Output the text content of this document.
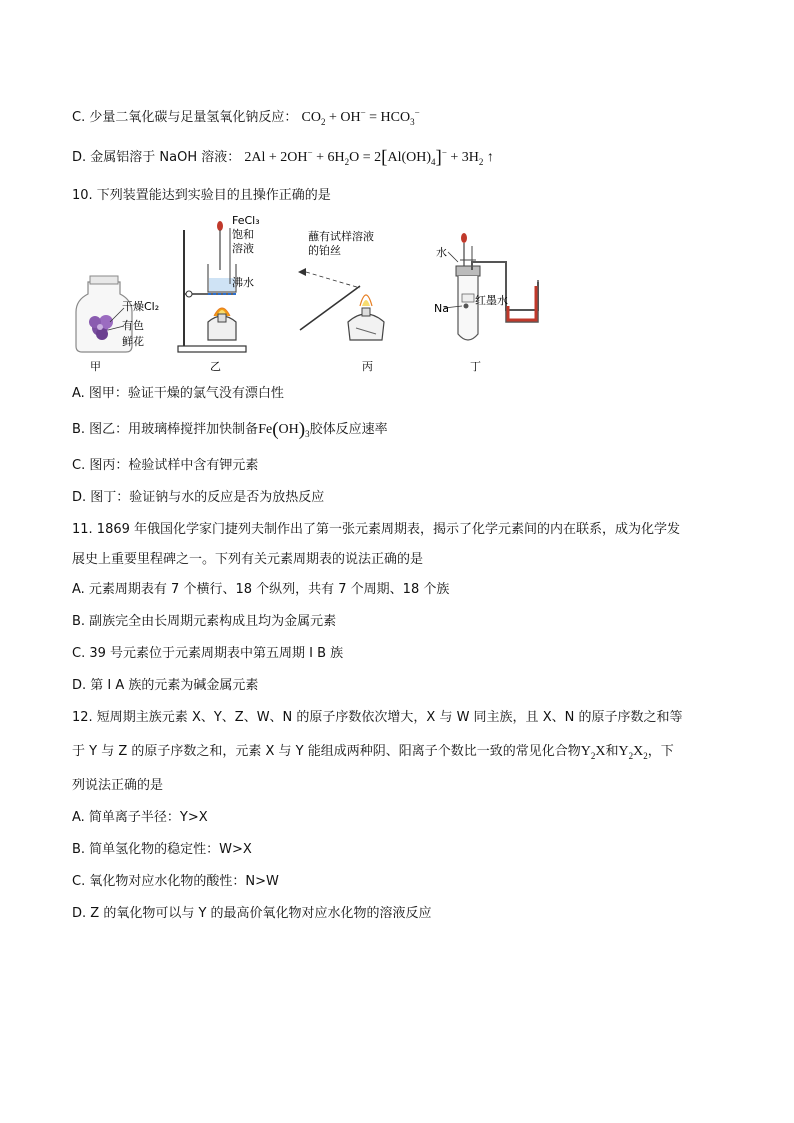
C. 少量二氧化碳与足量氢氧化钠反应： $CO_2 + OH^- = HCO_3^-$
D. 金属铝溶于 NaOH 溶液： $2Al + 2OH^- + 6H_2O = 2[Al(OH)_4]^- + 3H_2$ ↑
10. 下列装置能达到实验目的且操作正确的是
干燥Cl₂
有色
鲜花
甲
FeCl₃
饱和
溶液
沸水
乙
蘸有试样溶液
的铂丝
丙
水
Na
红墨水
丁
A. 图甲：验证干燥的氯气没有漂白性
B. 图乙：用玻璃棒搅拌加快制备$Fe(OH)_3$胶体反应速率
C. 图丙：检验试样中含有钾元素
D. 图丁：验证钠与水的反应是否为放热反应
11. 1869 年俄国化学家门捷列夫制作出了第一张元素周期表，揭示了化学元素间的内在联系，成为化学发
展史上重要里程碑之一。下列有关元素周期表的说法正确的是
A. 元素周期表有 7 个横行、18 个纵列，共有 7 个周期、18 个族
B. 副族完全由长周期元素构成且均为金属元素
C. 39 号元素位于元素周期表中第五周期 I B 族
D. 第 I A 族的元素为碱金属元素
12. 短周期主族元素 X、Y、Z、W、N 的原子序数依次增大，X 与 W 同主族，且 X、N 的原子序数之和等
于 Y 与 Z 的原子序数之和，元素 X 与 Y 能组成两种阴、阳离子个数比一致的常见化合物$Y_2X$和$Y_2X_2$，下
列说法正确的是
A. 简单离子半径：Y>X
B. 简单氢化物的稳定性：W>X
C. 氧化物对应水化物的酸性：N>W
D. Z 的氧化物可以与 Y 的最高价氧化物对应水化物的溶液反应
